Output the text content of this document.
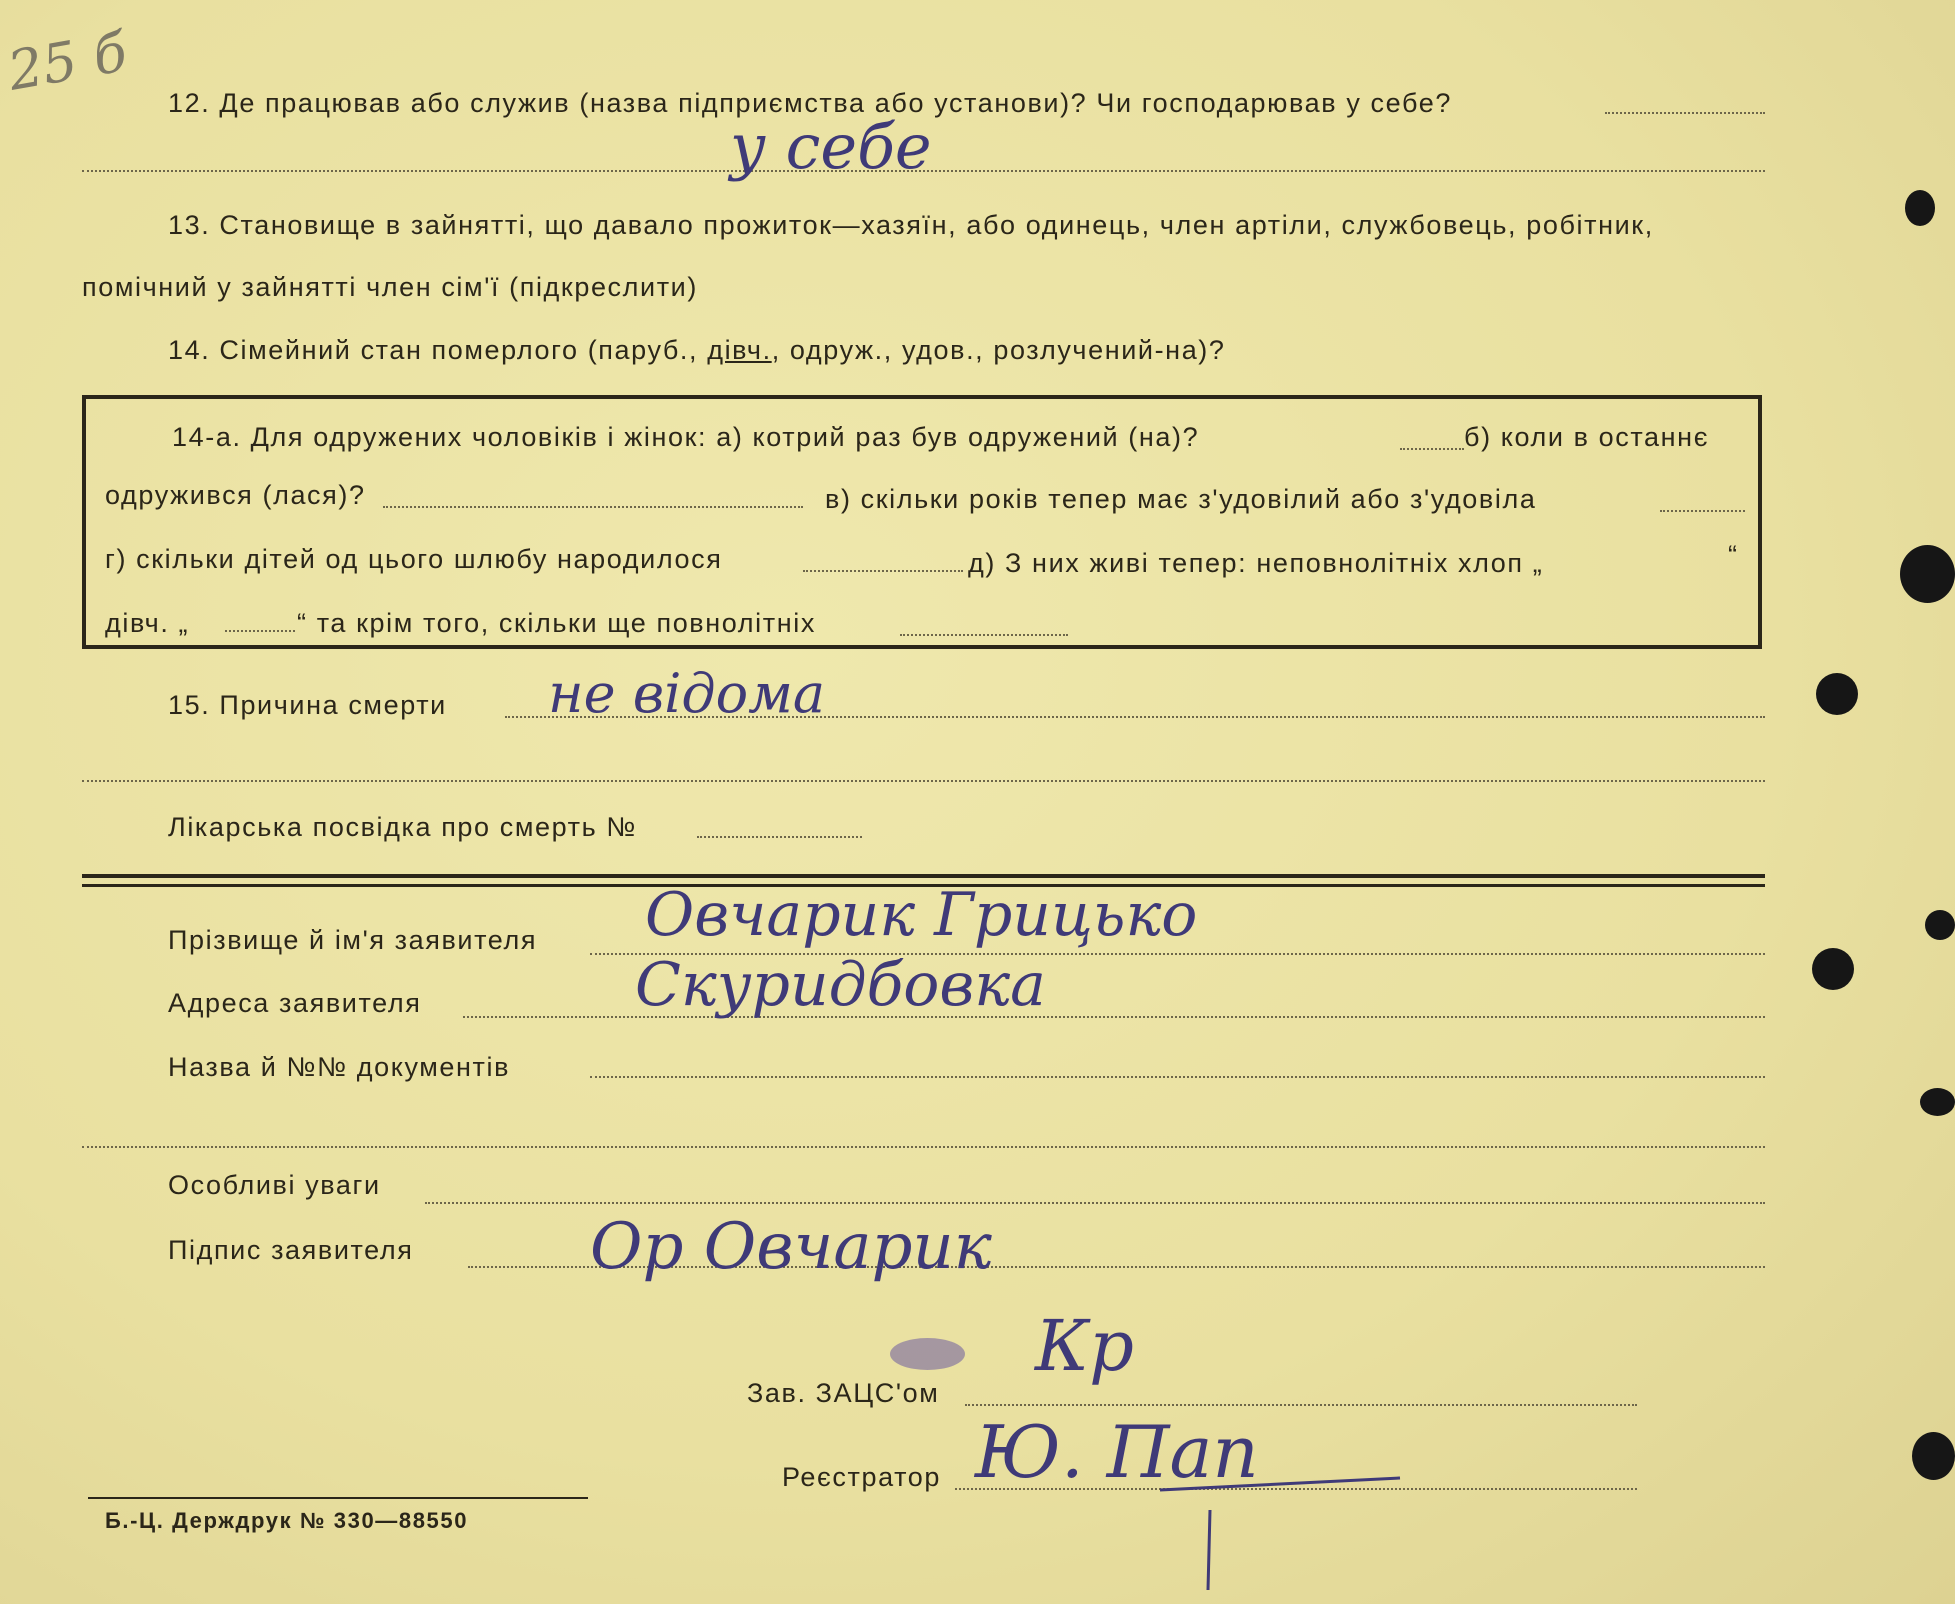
25 б
12. Де працював або служив (назва підприємства або установи)? Чи господарював у себе?
у себе
13. Становище в зайнятті, що давало прожиток—хазяїн, або одинець, член артіли, службовець, робітник,
помічний у зайнятті член сім'ї (підкреслити)
14. Сімейний стан померлого (паруб., дівч., одруж., удов., розлучений-на)?
14-а. Для одружених чоловіків і жінок: а) котрий раз був одружений (на)?	б) коли в останнє
одружився (лася)?	в) скільки років тепер має з'удовілий або з'удовіла
г) скільки дітей од цього шлюбу народилося	д) З них живі тепер: неповнолітніх хлоп „	“
дівч. „	“ та крім того, скільки ще повнолітніх
15. Причина смерти не відома
Лікарська посвідка про смерть №
Прізвище й ім'я заявителя Овчарик Грицько
Адреса заявителя	Скуридбовка
Назва й №№ документів
Особливі уваги
Підпис заявителя	Ор Овчарик
Зав. ЗАЦС'ом
Кр
Реєстратор Ю. Пап
Б.-Ц. Держдрук № 330—88550
